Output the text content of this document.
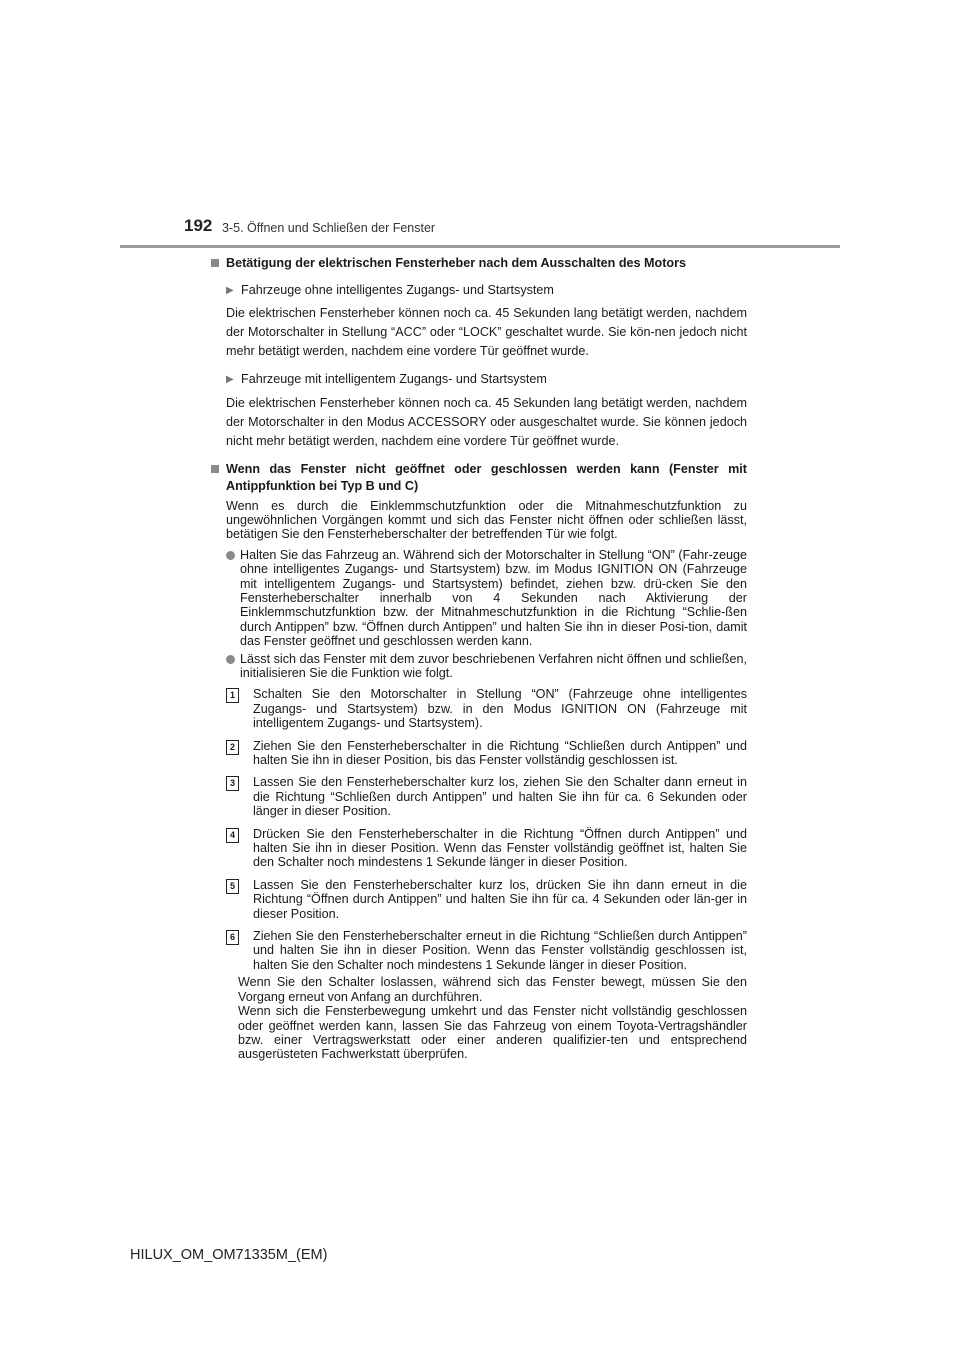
192 3-5. Öffnen und Schließen der Fenster

Betätigung der elektrischen Fensterheber nach dem Ausschalten des Motors

▶ Fahrzeuge ohne intelligentes Zugangs- und Startsystem

Die elektrischen Fensterheber können noch ca. 45 Sekunden lang betätigt werden, nachdem der Motorschalter in Stellung “ACC” oder “LOCK” geschaltet wurde. Sie kön-nen jedoch nicht mehr betätigt werden, nachdem eine vordere Tür geöffnet wurde.

▶ Fahrzeuge mit intelligentem Zugangs- und Startsystem

Die elektrischen Fensterheber können noch ca. 45 Sekunden lang betätigt werden, nachdem der Motorschalter in den Modus ACCESSORY oder ausgeschaltet wurde. Sie können jedoch nicht mehr betätigt werden, nachdem eine vordere Tür geöffnet wurde.

Wenn das Fenster nicht geöffnet oder geschlossen werden kann (Fenster mit Antippfunktion bei Typ B und C)

Wenn es durch die Einklemmschutzfunktion oder die Mitnahmeschutzfunktion zu ungewöhnlichen Vorgängen kommt und sich das Fenster nicht öffnen oder schließen lässt, betätigen Sie den Fensterheberschalter der betreffenden Tür wie folgt.

Halten Sie das Fahrzeug an. Während sich der Motorschalter in Stellung “ON” (Fahr-zeuge ohne intelligentes Zugangs- und Startsystem) bzw. im Modus IGNITION ON (Fahrzeuge mit intelligentem Zugangs- und Startsystem) befindet, ziehen bzw. drü-cken Sie den Fensterheberschalter innerhalb von 4 Sekunden nach Aktivierung der Einklemmschutzfunktion bzw. der Mitnahmeschutzfunktion in die Richtung “Schlie-ßen durch Antippen” bzw. “Öffnen durch Antippen” und halten Sie ihn in dieser Posi-tion, damit das Fenster geöffnet und geschlossen werden kann.
Lässt sich das Fenster mit dem zuvor beschriebenen Verfahren nicht öffnen und schließen, initialisieren Sie die Funktion wie folgt.
1	Schalten Sie den Motorschalter in Stellung “ON” (Fahrzeuge ohne intelligentes Zugangs- und Startsystem) bzw. in den Modus IGNITION ON (Fahrzeuge mit intelligentem Zugangs- und Startsystem).
2	Ziehen Sie den Fensterheberschalter in die Richtung “Schließen durch Antippen” und halten Sie ihn in dieser Position, bis das Fenster vollständig geschlossen ist.
3	Lassen Sie den Fensterheberschalter kurz los, ziehen Sie den Schalter dann erneut in die Richtung “Schließen durch Antippen” und halten Sie ihn für ca. 6 Sekunden oder länger in dieser Position.
4	Drücken Sie den Fensterheberschalter in die Richtung “Öffnen durch Antippen” und halten Sie ihn in dieser Position. Wenn das Fenster vollständig geöffnet ist, halten Sie den Schalter noch mindestens 1 Sekunde länger in dieser Position.
5	Lassen Sie den Fensterheberschalter kurz los, drücken Sie ihn dann erneut in die Richtung “Öffnen durch Antippen” und halten Sie ihn für ca. 4 Sekunden oder län-ger in dieser Position.
6	Ziehen Sie den Fensterheberschalter erneut in die Richtung “Schließen durch Antippen” und halten Sie ihn in dieser Position. Wenn das Fenster vollständig geschlossen ist, halten Sie den Schalter noch mindestens 1 Sekunde länger in dieser Position.

Wenn Sie den Schalter loslassen, während sich das Fenster bewegt, müssen Sie den Vorgang erneut von Anfang an durchführen.

Wenn sich die Fensterbewegung umkehrt und das Fenster nicht vollständig geschlossen oder geöffnet werden kann, lassen Sie das Fahrzeug von einem Toyota-Vertragshändler bzw. einer Vertragswerkstatt oder einer anderen qualifizier-ten und entsprechend ausgerüsteten Fachwerkstatt überprüfen.

HILUX_OM_OM71335M_(EM)
